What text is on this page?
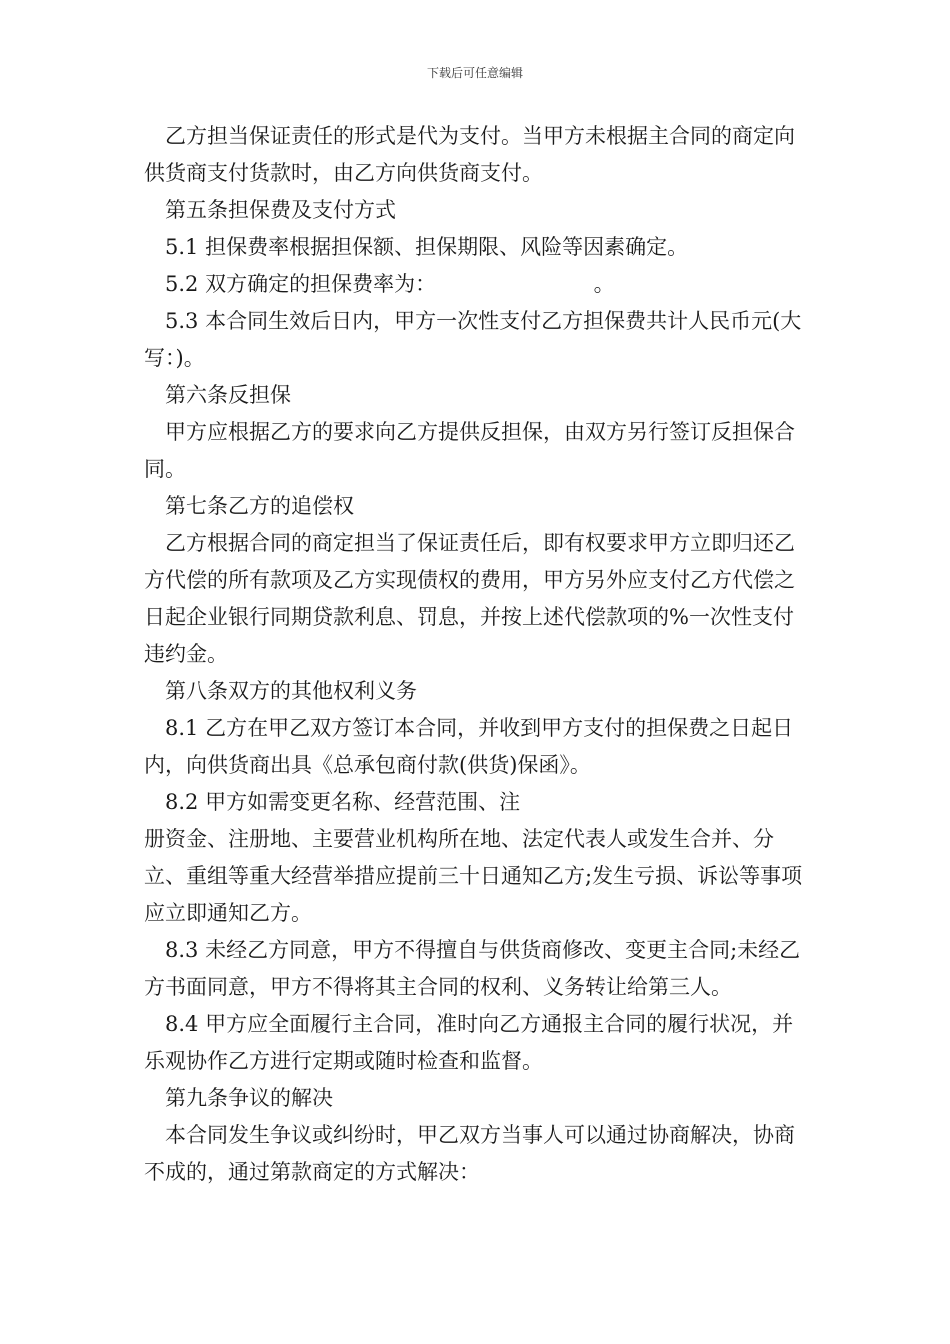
下载后可任意编辑

乙方担当保证责任的形式是代为支付。当甲方未根据主合同的商定向供货商支付货款时，由乙方向供货商支付。

第五条担保费及支付方式

5.1 担保费率根据担保额、担保期限、风险等因素确定。

5.2 双方确定的担保费率为：　　　　　　　　。

5.3 本合同生效后日内，甲方一次性支付乙方担保费共计人民币元(大写：)。

第六条反担保

甲方应根据乙方的要求向乙方提供反担保，由双方另行签订反担保合同。

第七条乙方的追偿权

乙方根据合同的商定担当了保证责任后，即有权要求甲方立即归还乙方代偿的所有款项及乙方实现债权的费用，甲方另外应支付乙方代偿之日起企业银行同期贷款利息、罚息，并按上述代偿款项的%一次性支付违约金。

第八条双方的其他权利义务

8.1 乙方在甲乙双方签订本合同，并收到甲方支付的担保费之日起日内，向供货商出具《总承包商付款(供货)保函》。

8.2 甲方如需变更名称、经营范围、注

册资金、注册地、主要营业机构所在地、法定代表人或发生合并、分立、重组等重大经营举措应提前三十日通知乙方;发生亏损、诉讼等事项应立即通知乙方。

8.3 未经乙方同意，甲方不得擅自与供货商修改、变更主合同;未经乙方书面同意，甲方不得将其主合同的权利、义务转让给第三人。

8.4 甲方应全面履行主合同，准时向乙方通报主合同的履行状况，并乐观协作乙方进行定期或随时检查和监督。

第九条争议的解决

本合同发生争议或纠纷时，甲乙双方当事人可以通过协商解决，协商不成的，通过第款商定的方式解决：
